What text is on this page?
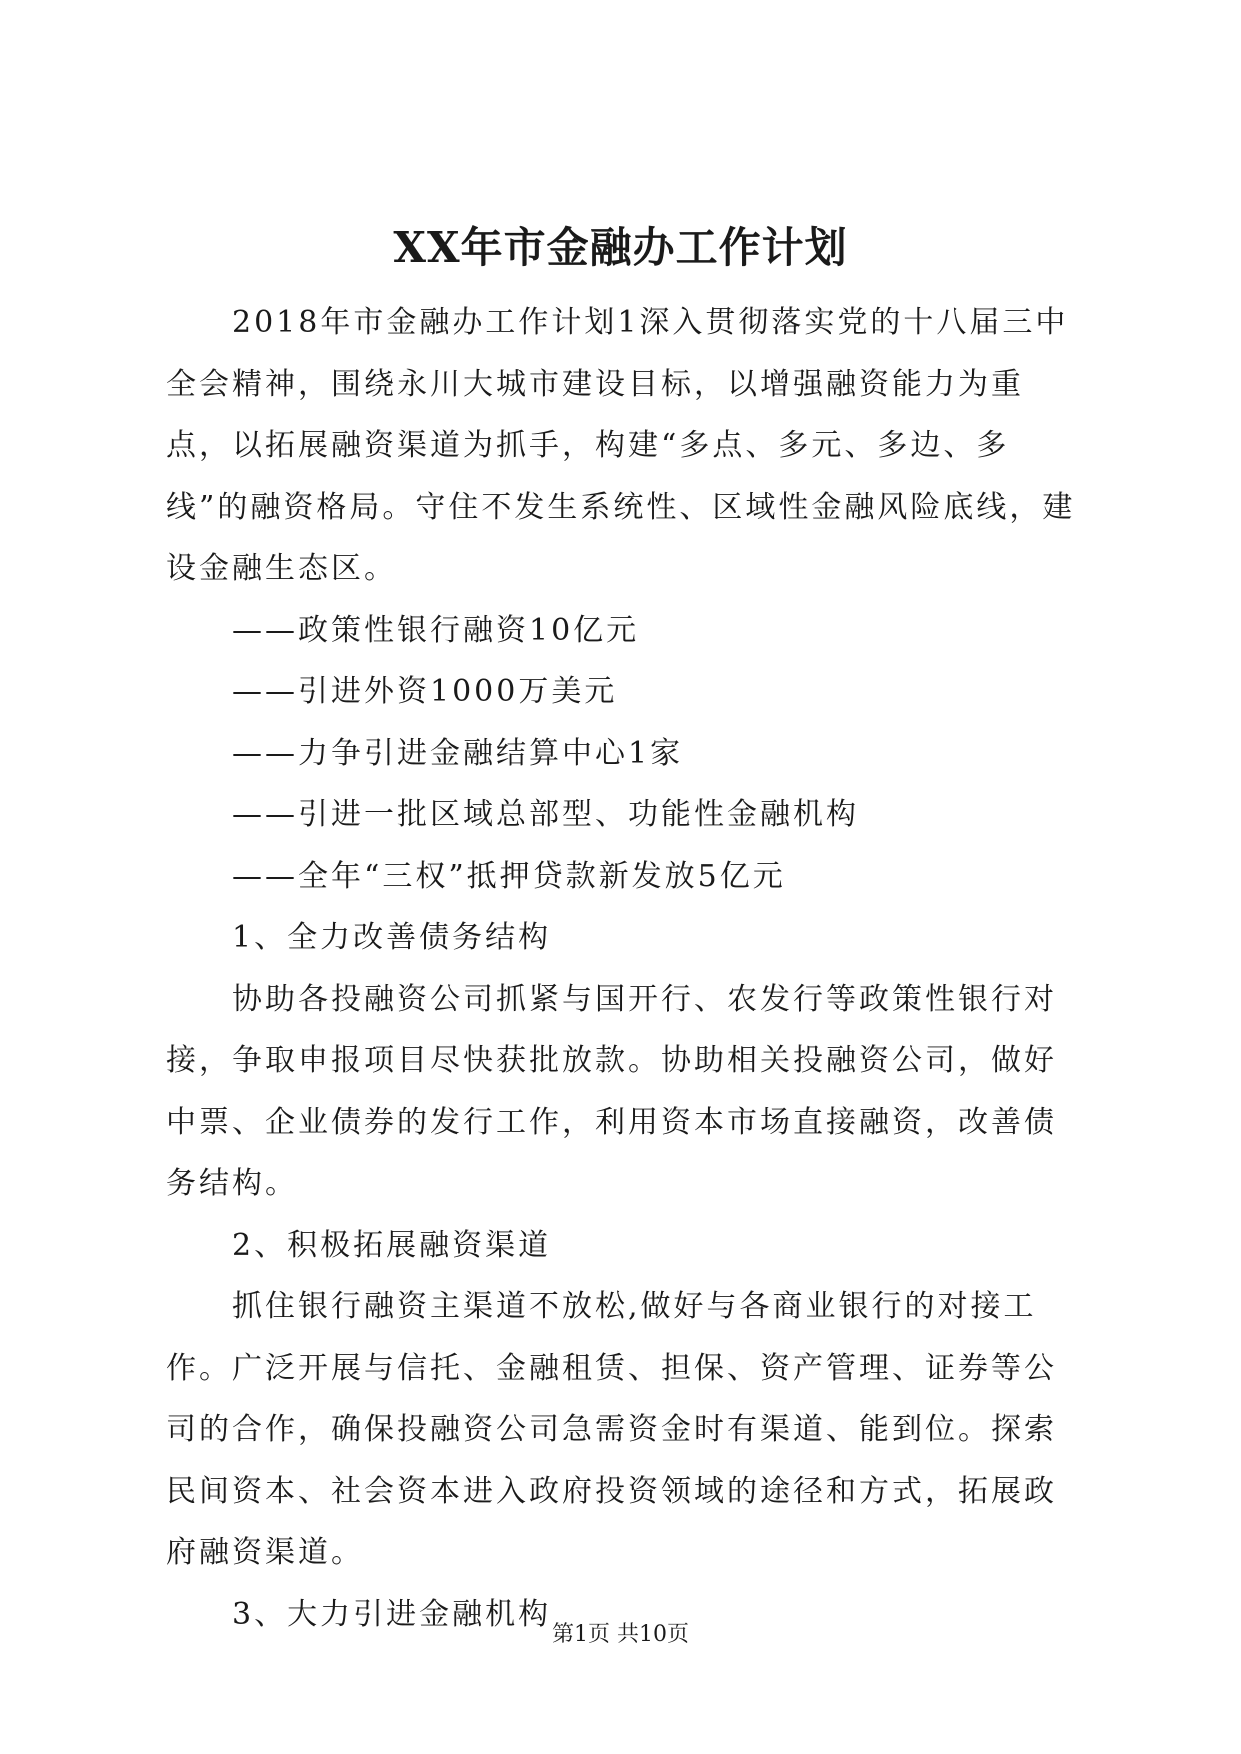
XX年市金融办工作计划

2018年市金融办工作计划1深入贯彻落实党的十八届三中全会精神，围绕永川大城市建设目标，以增强融资能力为重点，以拓展融资渠道为抓手，构建“多点、多元、多边、多线”的融资格局。守住不发生系统性、区域性金融风险底线，建设金融生态区。

——政策性银行融资10亿元

——引进外资1000万美元

——力争引进金融结算中心1家

——引进一批区域总部型、功能性金融机构

——全年“三权”抵押贷款新发放5亿元

1、全力改善债务结构

协助各投融资公司抓紧与国开行、农发行等政策性银行对接，争取申报项目尽快获批放款。协助相关投融资公司，做好中票、企业债券的发行工作，利用资本市场直接融资，改善债务结构。

2、积极拓展融资渠道

抓住银行融资主渠道不放松,做好与各商业银行的对接工作。广泛开展与信托、金融租赁、担保、资产管理、证券等公司的合作，确保投融资公司急需资金时有渠道、能到位。探索民间资本、社会资本进入政府投资领域的途径和方式，拓展政府融资渠道。

3、大力引进金融机构

第1页 共10页
